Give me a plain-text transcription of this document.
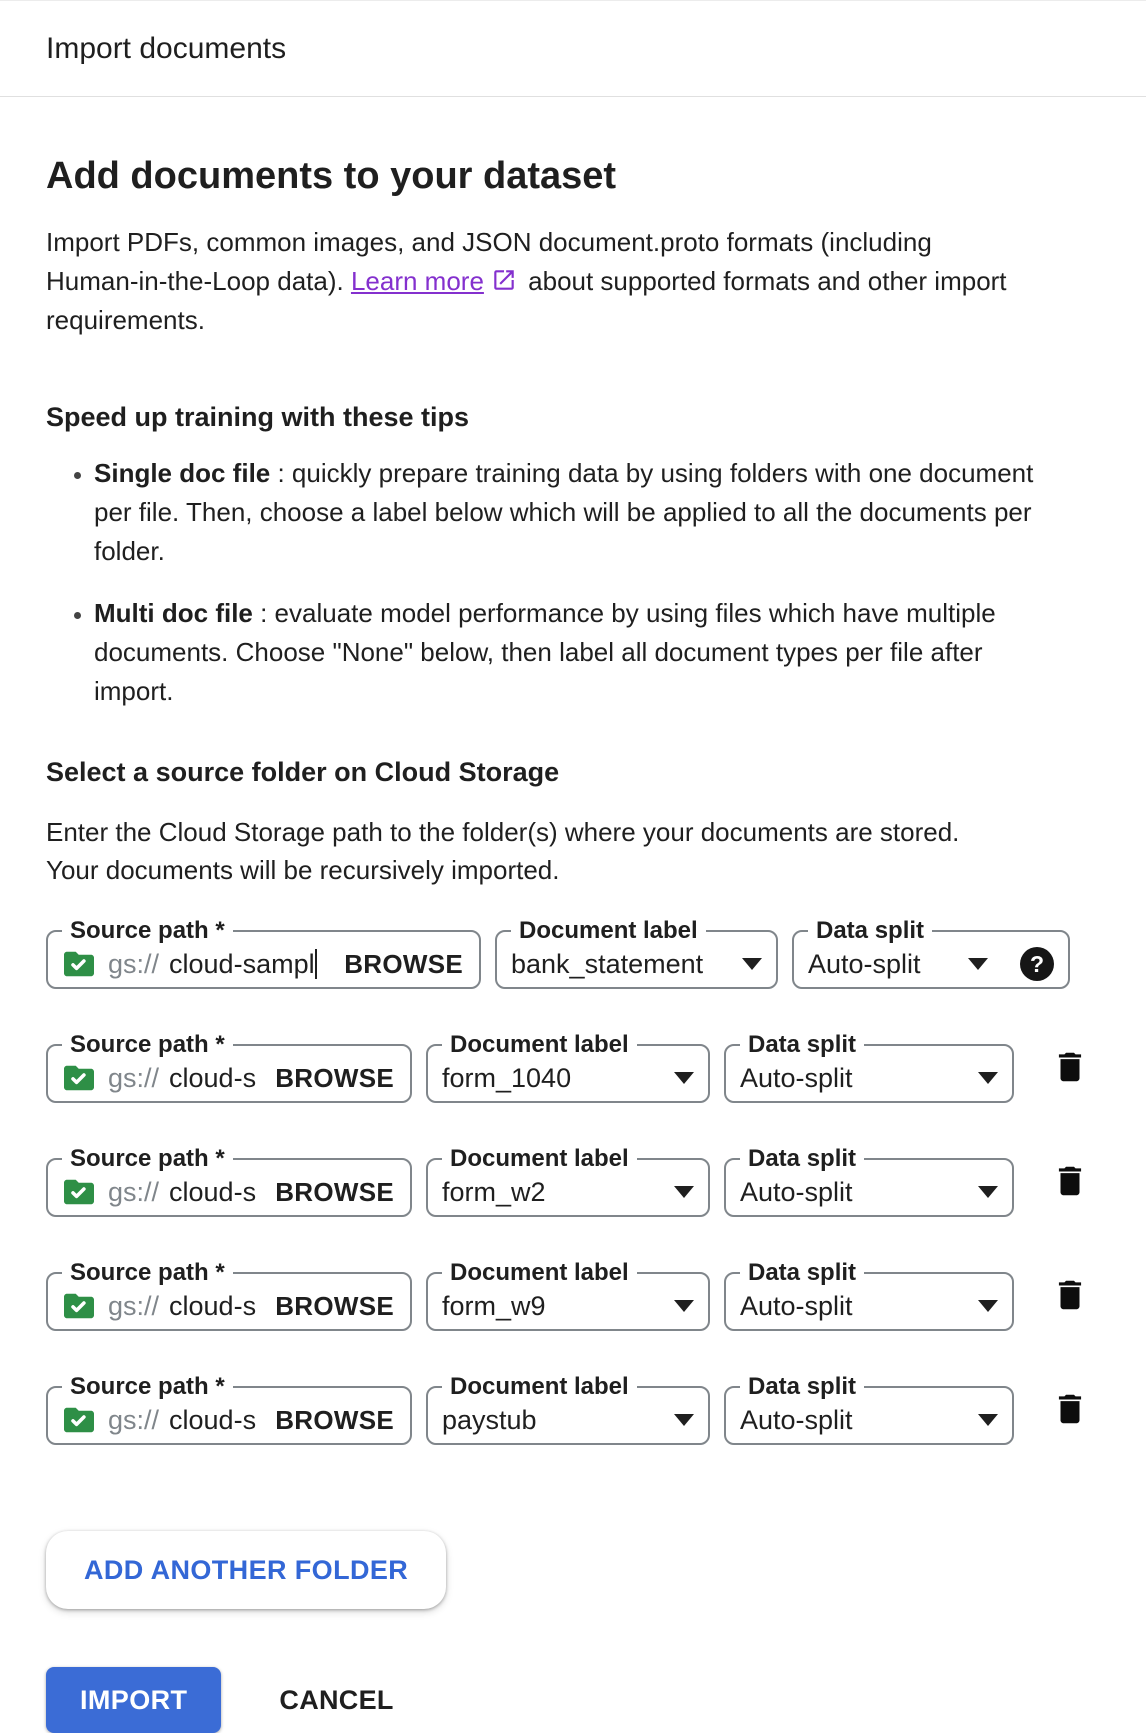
Import documents
Add documents to your dataset

Import PDFs, common images, and JSON document.proto formats (including Human-in-the-Loop data). Learn more
about supported formats and other import requirements.

Speed up training with these tips
• Single doc file : quickly prepare training data by using folders with one document per file. Then, choose a label below which will be applied to all the documents per folder.
• Multi doc file : evaluate model performance by using files which have multiple documents. Choose "None" below, then label all document types per file after import.
Select a source folder on Cloud Storage

Enter the Cloud Storage path to the folder(s) where your documents are stored. Your documents will be recursively imported.

Source path *
gs:// cloud-sampl BROWSE
Document label
bank_statement
Data split
Auto-split	?
Source path *
gs:// cloud-s BROWSE
Document label
form_1040
Data split
Auto-split
Source path *
gs:// cloud-s BROWSE
Document label
form_w2
Data split
Auto-split
Source path *
gs:// cloud-s BROWSE
Document label
form_w9
Data split
Auto-split
Source path *
gs:// cloud-s BROWSE
Document label
paystub
Data split
Auto-split
ADD ANOTHER FOLDER
IMPORT	CANCEL
